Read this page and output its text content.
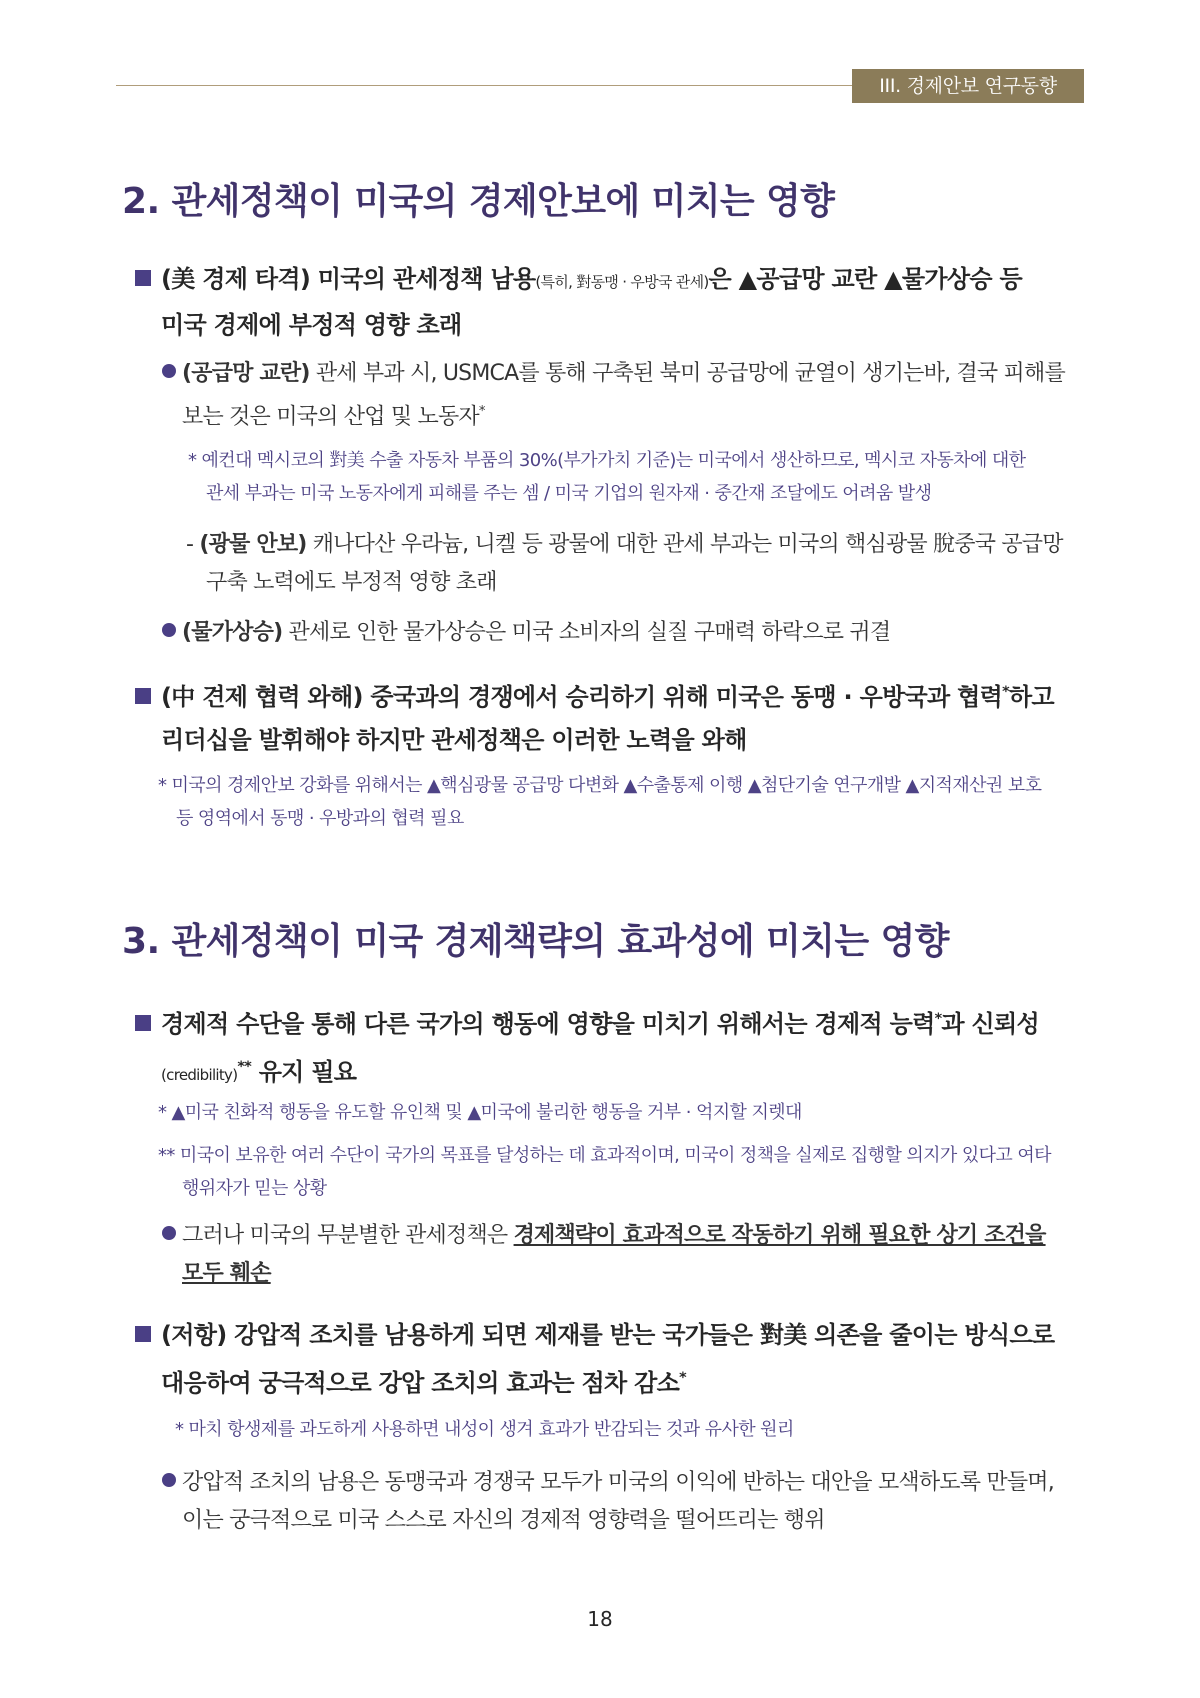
III. 경제안보 연구동향
2. 관세정책이 미국의 경제안보에 미치는 영향
(美 경제 타격) 미국의 관세정책 남용(특히, 對동맹 · 우방국 관세)은 ▲공급망 교란 ▲물가상승 등
미국 경제에 부정적 영향 초래
(공급망 교란) 관세 부과 시, USMCA를 통해 구축된 북미 공급망에 균열이 생기는바, 결국 피해를
보는 것은 미국의 산업 및 노동자*
* 예컨대 멕시코의 對美 수출 자동차 부품의 30%(부가가치 기준)는 미국에서 생산하므로, 멕시코 자동차에 대한
관세 부과는 미국 노동자에게 피해를 주는 셈 / 미국 기업의 원자재 · 중간재 조달에도 어려움 발생
- (광물 안보) 캐나다산 우라늄, 니켈 등 광물에 대한 관세 부과는 미국의 핵심광물 脫중국 공급망
구축 노력에도 부정적 영향 초래
(물가상승) 관세로 인한 물가상승은 미국 소비자의 실질 구매력 하락으로 귀결
(中 견제 협력 와해) 중국과의 경쟁에서 승리하기 위해 미국은 동맹 · 우방국과 협력*하고
리더십을 발휘해야 하지만 관세정책은 이러한 노력을 와해
* 미국의 경제안보 강화를 위해서는 ▲핵심광물 공급망 다변화 ▲수출통제 이행 ▲첨단기술 연구개발 ▲지적재산권 보호
등 영역에서 동맹 · 우방과의 협력 필요
3. 관세정책이 미국 경제책략의 효과성에 미치는 영향
경제적 수단을 통해 다른 국가의 행동에 영향을 미치기 위해서는 경제적 능력*과 신뢰성
(credibility)** 유지 필요
* ▲미국 친화적 행동을 유도할 유인책 및 ▲미국에 불리한 행동을 거부 · 억지할 지렛대
** 미국이 보유한 여러 수단이 국가의 목표를 달성하는 데 효과적이며, 미국이 정책을 실제로 집행할 의지가 있다고 여타
행위자가 믿는 상황
그러나 미국의 무분별한 관세정책은 경제책략이 효과적으로 작동하기 위해 필요한 상기 조건을
모두 훼손
(저항) 강압적 조치를 남용하게 되면 제재를 받는 국가들은 對美 의존을 줄이는 방식으로
대응하여 궁극적으로 강압 조치의 효과는 점차 감소*
* 마치 항생제를 과도하게 사용하면 내성이 생겨 효과가 반감되는 것과 유사한 원리
강압적 조치의 남용은 동맹국과 경쟁국 모두가 미국의 이익에 반하는 대안을 모색하도록 만들며,
이는 궁극적으로 미국 스스로 자신의 경제적 영향력을 떨어뜨리는 행위
18
